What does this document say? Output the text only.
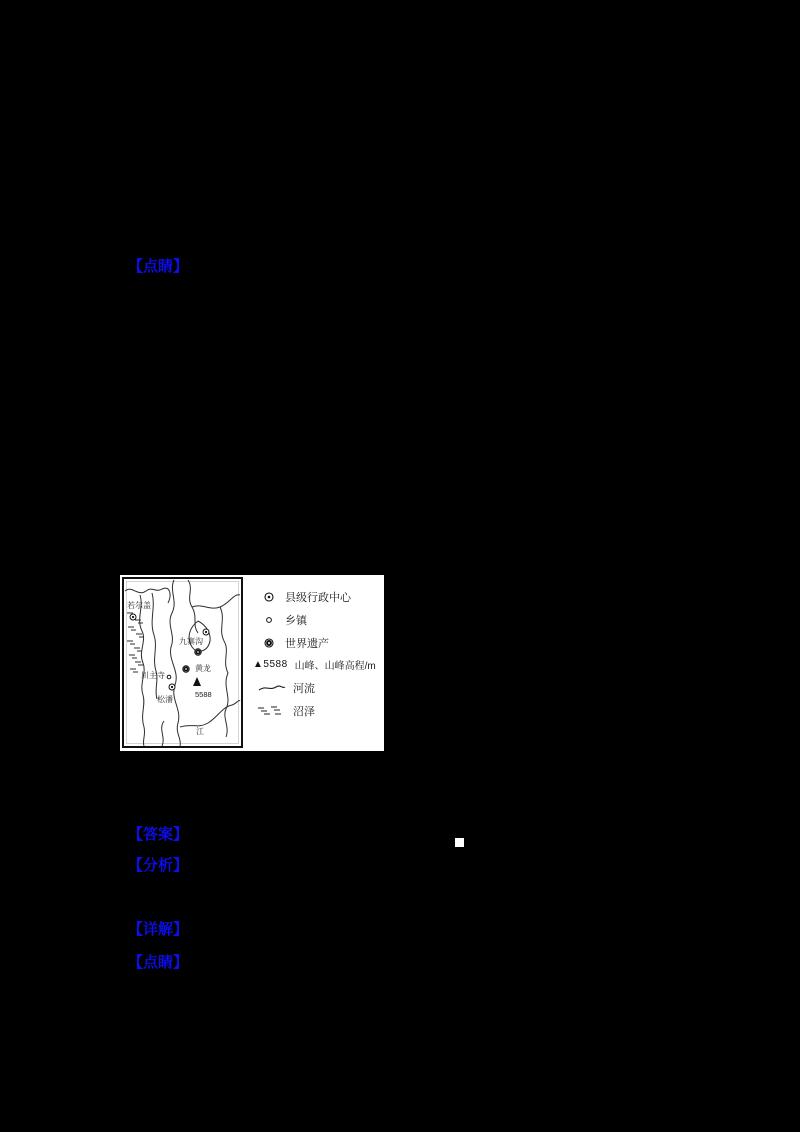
【点睛】
【答案】
【分析】
【详解】
【点睛】
若尔盖
九寨沟
黄龙
5588
川主寺
松潘
江
县级行政中心
乡镇
世界遗产
▲5588 山峰、山峰高程/m
河流
沼泽
